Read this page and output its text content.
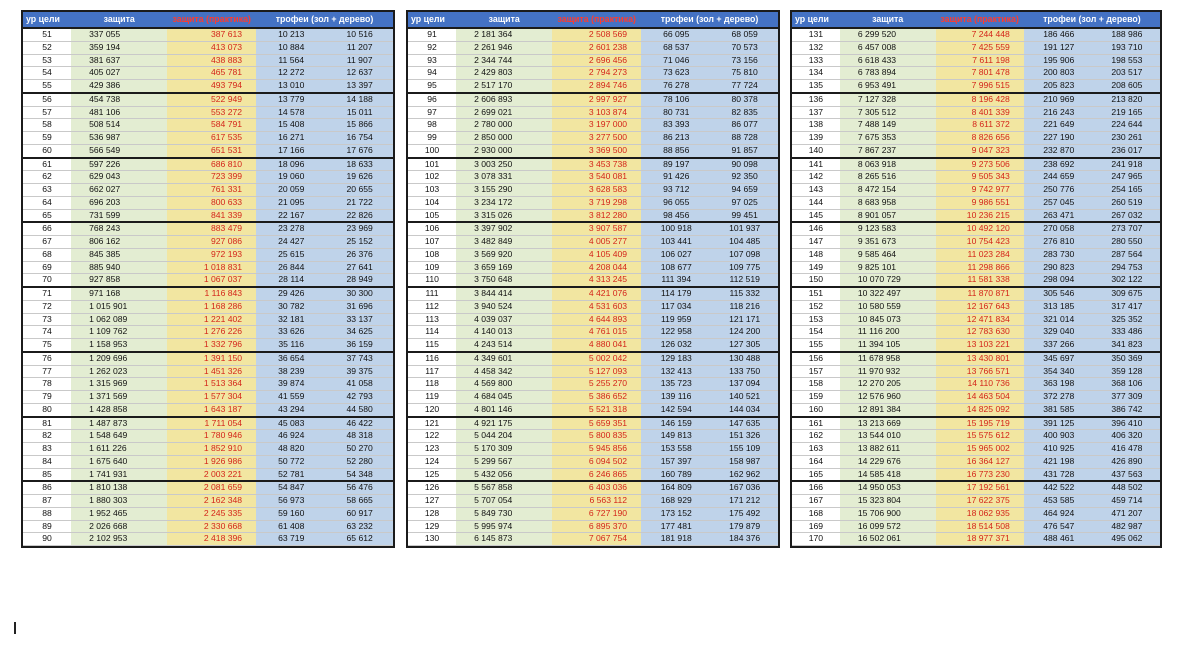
ур цели	защита	защита (практика)	трофеи (зол + дерево)	
51	337 055	387 613	10 213	10 516
52	359 194	413 073	10 884	11 207
53	381 637	438 883	11 564	11 907
54	405 027	465 781	12 272	12 637
55	429 386	493 794	13 010	13 397
56	454 738	522 949	13 779	14 188
57	481 106	553 272	14 578	15 011
58	508 514	584 791	15 408	15 866
59	536 987	617 535	16 271	16 754
60	566 549	651 531	17 166	17 676
61	597 226	686 810	18 096	18 633
62	629 043	723 399	19 060	19 626
63	662 027	761 331	20 059	20 655
64	696 203	800 633	21 095	21 722
65	731 599	841 339	22 167	22 826
66	768 243	883 479	23 278	23 969
67	806 162	927 086	24 427	25 152
68	845 385	972 193	25 615	26 376
69	885 940	1 018 831	26 844	27 641
70	927 858	1 067 037	28 114	28 949
71	971 168	1 116 843	29 426	30 300
72	1 015 901	1 168 286	30 782	31 696
73	1 062 089	1 221 402	32 181	33 137
74	1 109 762	1 276 226	33 626	34 625
75	1 158 953	1 332 796	35 116	36 159
76	1 209 696	1 391 150	36 654	37 743
77	1 262 023	1 451 326	38 239	39 375
78	1 315 969	1 513 364	39 874	41 058
79	1 371 569	1 577 304	41 559	42 793
80	1 428 858	1 643 187	43 294	44 580
81	1 487 873	1 711 054	45 083	46 422
82	1 548 649	1 780 946	46 924	48 318
83	1 611 226	1 852 910	48 820	50 270
84	1 675 640	1 926 986	50 772	52 280
85	1 741 931	2 003 221	52 781	54 348
86	1 810 138	2 081 659	54 847	56 476
87	1 880 303	2 162 348	56 973	58 665
88	1 952 465	2 245 335	59 160	60 917
89	2 026 668	2 330 668	61 408	63 232
90	2 102 953	2 418 396	63 719	65 612
ур цели	защита	защита (практика)	трофеи (зол + дерево)	
91	2 181 364	2 508 569	66 095	68 059
92	2 261 946	2 601 238	68 537	70 573
93	2 344 744	2 696 456	71 046	73 156
94	2 429 803	2 794 273	73 623	75 810
95	2 517 170	2 894 746	76 278	77 724
96	2 606 893	2 997 927	78 106	80 378
97	2 699 021	3 103 874	80 731	82 835
98	2 780 000	3 197 000	83 393	86 077
99	2 850 000	3 277 500	86 213	88 728
100	2 930 000	3 369 500	88 856	91 857
101	3 003 250	3 453 738	89 197	90 098
102	3 078 331	3 540 081	91 426	92 350
103	3 155 290	3 628 583	93 712	94 659
104	3 234 172	3 719 298	96 055	97 025
105	3 315 026	3 812 280	98 456	99 451
106	3 397 902	3 907 587	100 918	101 937
107	3 482 849	4 005 277	103 441	104 485
108	3 569 920	4 105 409	106 027	107 098
109	3 659 169	4 208 044	108 677	109 775
110	3 750 648	4 313 245	111 394	112 519
111	3 844 414	4 421 076	114 179	115 332
112	3 940 524	4 531 603	117 034	118 216
113	4 039 037	4 644 893	119 959	121 171
114	4 140 013	4 761 015	122 958	124 200
115	4 243 514	4 880 041	126 032	127 305
116	4 349 601	5 002 042	129 183	130 488
117	4 458 342	5 127 093	132 413	133 750
118	4 569 800	5 255 270	135 723	137 094
119	4 684 045	5 386 652	139 116	140 521
120	4 801 146	5 521 318	142 594	144 034
121	4 921 175	5 659 351	146 159	147 635
122	5 044 204	5 800 835	149 813	151 326
123	5 170 309	5 945 856	153 558	155 109
124	5 299 567	6 094 502	157 397	158 987
125	5 432 056	6 246 865	160 789	162 962
126	5 567 858	6 403 036	164 809	167 036
127	5 707 054	6 563 112	168 929	171 212
128	5 849 730	6 727 190	173 152	175 492
129	5 995 974	6 895 370	177 481	179 879
130	6 145 873	7 067 754	181 918	184 376
ур цели	защита	защита (практика)	трофеи (зол + дерево)	
131	6 299 520	7 244 448	186 466	188 986
132	6 457 008	7 425 559	191 127	193 710
133	6 618 433	7 611 198	195 906	198 553
134	6 783 894	7 801 478	200 803	203 517
135	6 953 491	7 996 515	205 823	208 605
136	7 127 328	8 196 428	210 969	213 820
137	7 305 512	8 401 339	216 243	219 165
138	7 488 149	8 611 372	221 649	224 644
139	7 675 353	8 826 656	227 190	230 261
140	7 867 237	9 047 323	232 870	236 017
141	8 063 918	9 273 506	238 692	241 918
142	8 265 516	9 505 343	244 659	247 965
143	8 472 154	9 742 977	250 776	254 165
144	8 683 958	9 986 551	257 045	260 519
145	8 901 057	10 236 215	263 471	267 032
146	9 123 583	10 492 120	270 058	273 707
147	9 351 673	10 754 423	276 810	280 550
148	9 585 464	11 023 284	283 730	287 564
149	9 825 101	11 298 866	290 823	294 753
150	10 070 729	11 581 338	298 094	302 122
151	10 322 497	11 870 871	305 546	309 675
152	10 580 559	12 167 643	313 185	317 417
153	10 845 073	12 471 834	321 014	325 352
154	11 116 200	12 783 630	329 040	333 486
155	11 394 105	13 103 221	337 266	341 823
156	11 678 958	13 430 801	345 697	350 369
157	11 970 932	13 766 571	354 340	359 128
158	12 270 205	14 110 736	363 198	368 106
159	12 576 960	14 463 504	372 278	377 309
160	12 891 384	14 825 092	381 585	386 742
161	13 213 669	15 195 719	391 125	396 410
162	13 544 010	15 575 612	400 903	406 320
163	13 882 611	15 965 002	410 925	416 478
164	14 229 676	16 364 127	421 198	426 890
165	14 585 418	16 773 230	431 728	437 563
166	14 950 053	17 192 561	442 522	448 502
167	15 323 804	17 622 375	453 585	459 714
168	15 706 900	18 062 935	464 924	471 207
169	16 099 572	18 514 508	476 547	482 987
170	16 502 061	18 977 371	488 461	495 062
